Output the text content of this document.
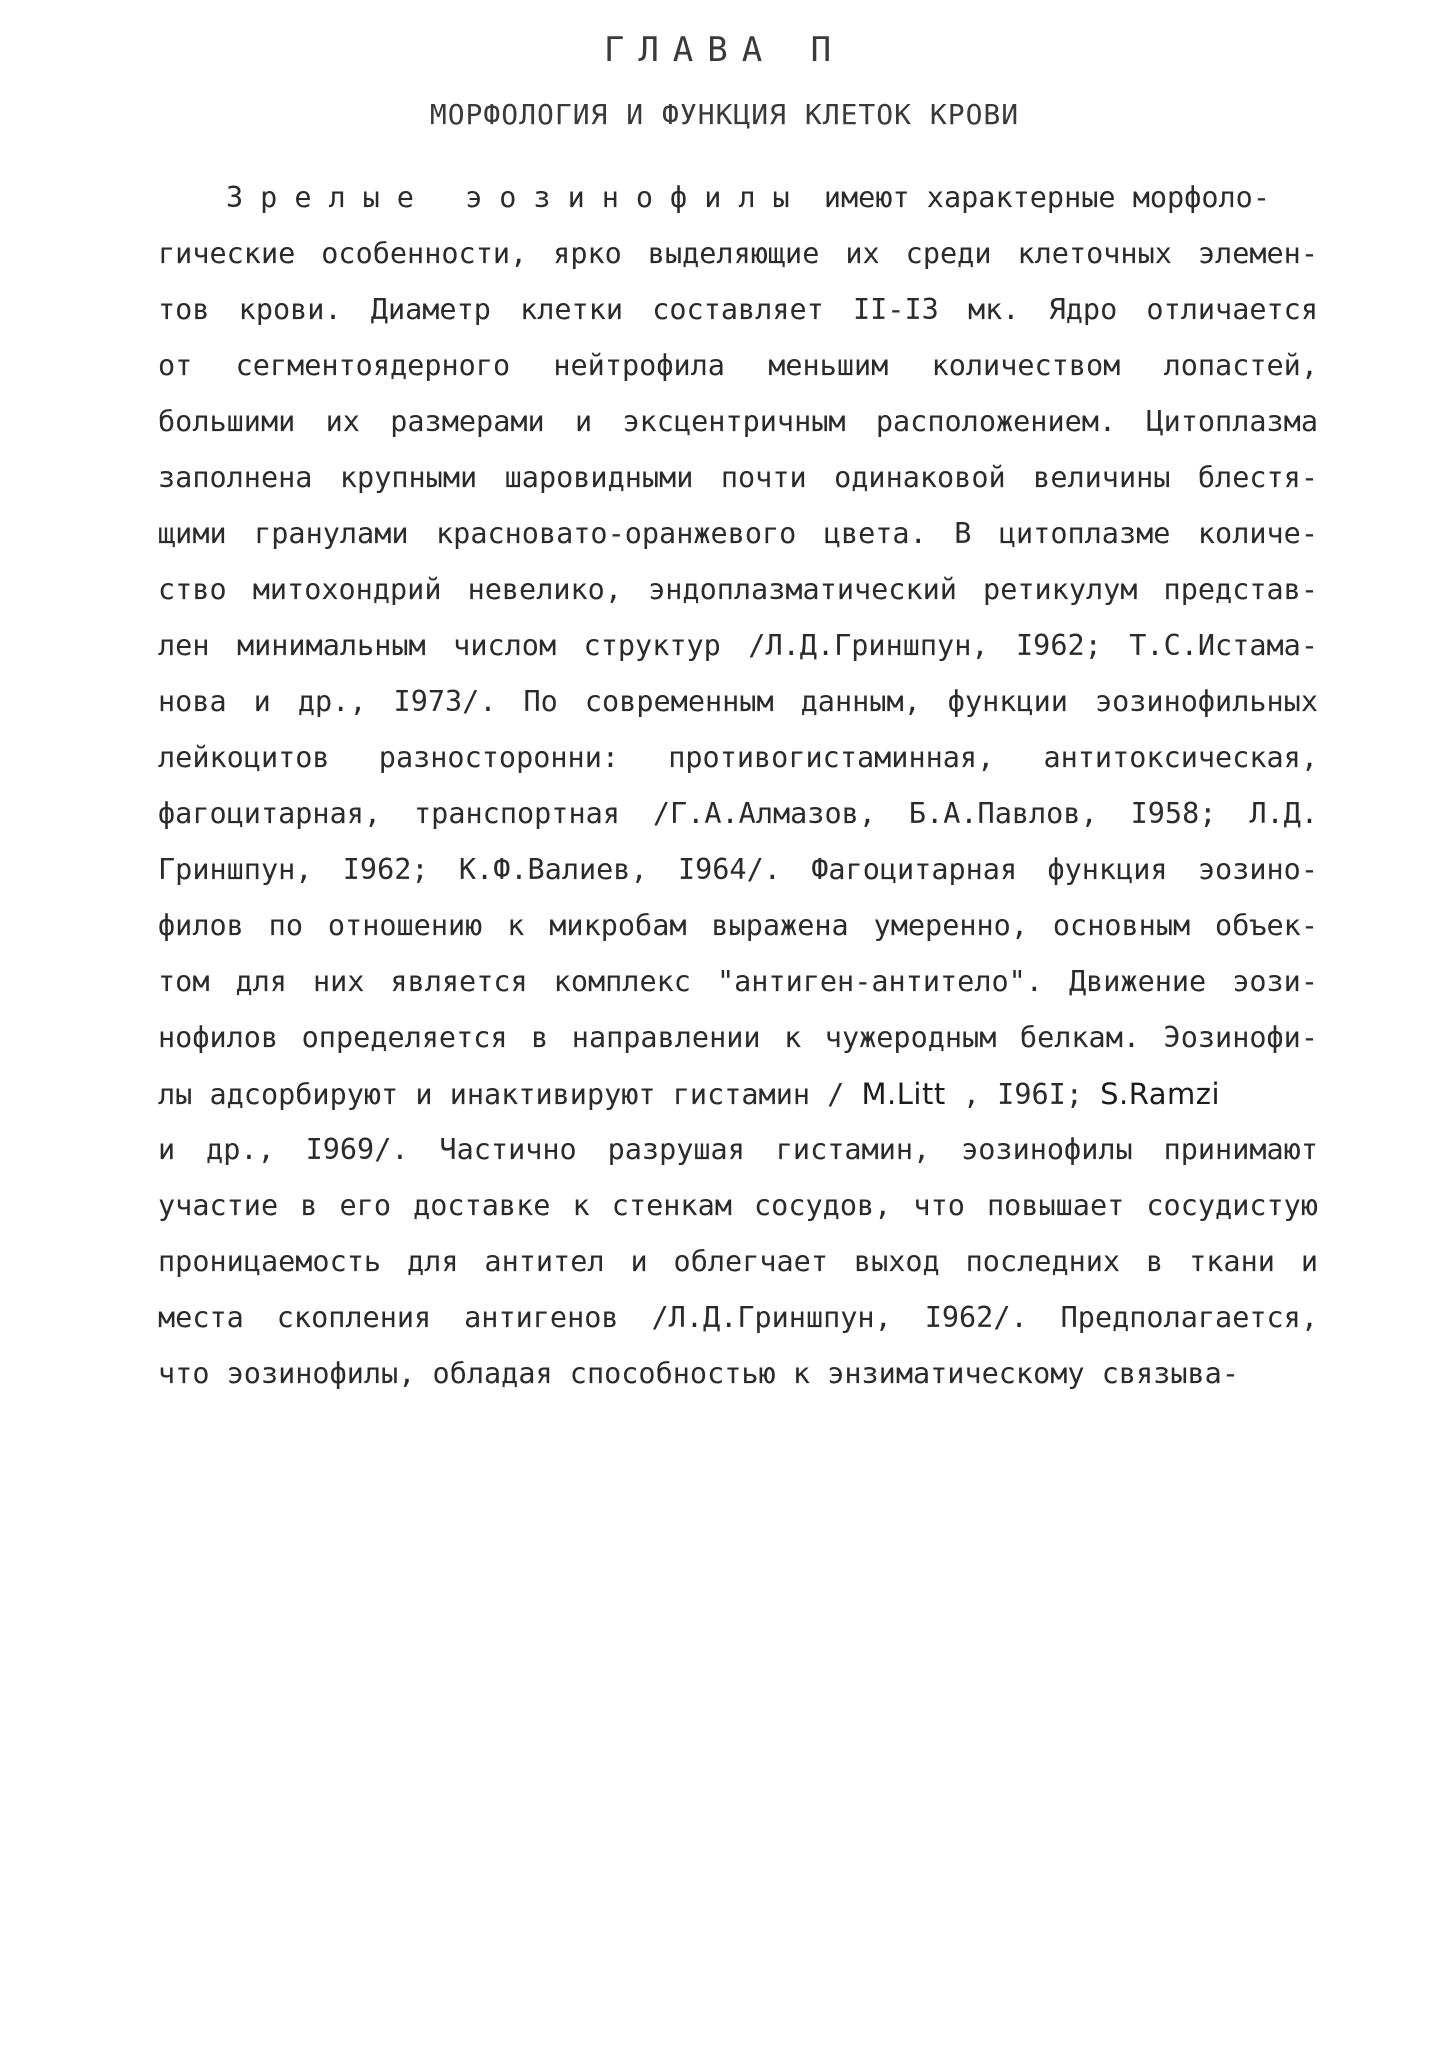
ГЛАВА П
МОРФОЛОГИЯ И ФУНКЦИЯ КЛЕТОК КРОВИ
Зрелые эозинофилы имеют характерные морфоло-
гические особенности, ярко выделяющие их среди клеточных элемен-
тов крови. Диаметр клетки составляет II-I3 мк. Ядро отличается
от сегментоядерного нейтрофила меньшим количеством лопастей,
большими их размерами и эксцентричным расположением. Цитоплазма
заполнена крупными шаровидными почти одинаковой величины блестя-
щими гранулами красновато-оранжевого цвета. В цитоплазме количе-
ство митохондрий невелико, эндоплазматический ретикулум представ-
лен минимальным числом структур /Л.Д.Гриншпун, I962; Т.С.Истама-
нова и др., I973/. По современным данным, функции эозинофильных
лейкоцитов разносторонни: противогистаминная, антитоксическая,
фагоцитарная, транспортная /Г.А.Алмазов, Б.А.Павлов, I958; Л.Д.
Гриншпун, I962; К.Ф.Валиев, I964/. Фагоцитарная функция эозино-
филов по отношению к микробам выражена умеренно, основным объек-
том для них является комплекс "антиген-антитело". Движение эози-
нофилов определяется в направлении к чужеродным белкам. Эозинофи-
лы адсорбируют и инактивируют гистамин / M.Litt , I96I; S.Ramzi
и др., I969/. Частично разрушая гистамин, эозинофилы принимают
участие в его доставке к стенкам сосудов, что повышает сосудистую
проницаемость для антител и облегчает выход последних в ткани и
места скопления антигенов /Л.Д.Гриншпун, I962/. Предполагается,
что эозинофилы, обладая способностью к энзиматическому связыва-
